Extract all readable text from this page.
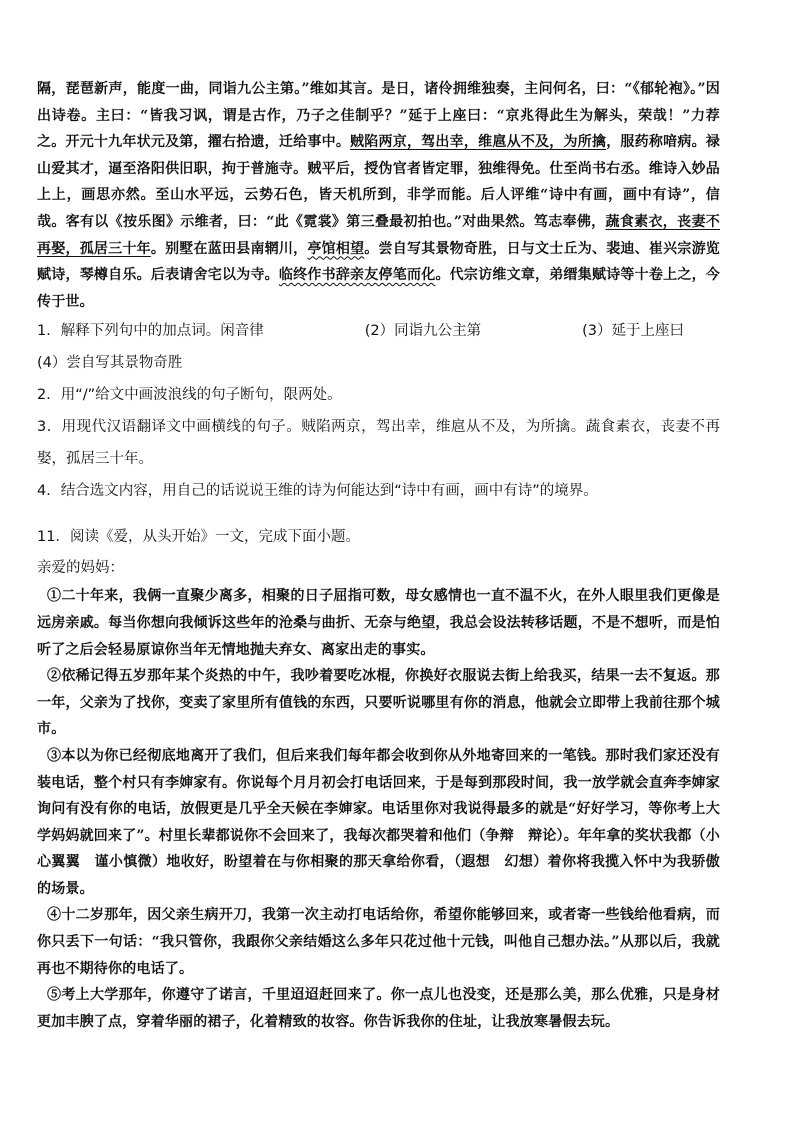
隔，琵琶新声，能度一曲，同诣九公主第。”维如其言。是日，诸伶拥维独奏，主问何名，曰：“《郁轮袍》。”因出诗卷。主曰：“皆我习讽，谓是古作，乃子之佳制乎？”延于上座曰：“京兆得此生为解头，荣哉！”力荐之。开元十九年状元及第，擢右拾遗，迁给事中。贼陷两京，驾出幸，维扈从不及，为所擒，服药称喑病。禄山爱其才，逼至洛阳供旧职，拘于普施寺。贼平后，授伪官者皆定罪，独维得免。仕至尚书右丞。维诗入妙品上上，画思亦然。至山水平远，云势石色，皆天机所到，非学而能。后人评维“诗中有画，画中有诗”，信哉。客有以《按乐图》示维者，曰：“此《霓裳》第三叠最初拍也。”对曲果然。笃志奉佛，蔬食素衣，丧妻不再娶，孤居三十年。别墅在蓝田县南辋川，亭馆相望。尝自写其景物奇胜，日与文士丘为、裴迪、崔兴宗游览赋诗，琴樽自乐。后表请舍宅以为寺。临终作书辞亲友停笔而化。代宗访维文章，弟缙集赋诗等十卷上之，今传于世。

1．解释下列句中的加点词。闲音律	(2）同诣九公主第	(3）延于上座曰 (4）尝自写其景物奇胜

2．用“/”给文中画波浪线的句子断句，限两处。

3．用现代汉语翻译文中画横线的句子。贼陷两京，驾出幸，维扈从不及，为所擒。蔬食素衣，丧妻不再娶，孤居三十年。

4．结合选文内容，用自己的话说说王维的诗为何能达到“诗中有画，画中有诗”的境界。

11．阅读《爱，从头开始》一文，完成下面小题。

亲爱的妈妈：

①二十年来，我俩一直聚少离多，相聚的日子屈指可数，母女感情也一直不温不火，在外人眼里我们更像是远房亲戚。每当你想向我倾诉这些年的沧桑与曲折、无奈与绝望，我总会设法转移话题，不是不想听，而是怕听了之后会轻易原谅你当年无情地抛夫弃女、离家出走的事实。

②依稀记得五岁那年某个炎热的中午，我吵着要吃冰棍，你换好衣服说去街上给我买，结果一去不复返。那一年，父亲为了找你，变卖了家里所有值钱的东西，只要听说哪里有你的消息，他就会立即带上我前往那个城市。

③本以为你已经彻底地离开了我们，但后来我们每年都会收到你从外地寄回来的一笔钱。那时我们家还没有装电话，整个村只有李婶家有。你说每个月月初会打电话回来，于是每到那段时间，我一放学就会直奔李婶家询问有没有你的电话，放假更是几乎全天候在李婶家。电话里你对我说得最多的就是“好好学习，等你考上大学妈妈就回来了”。村里长辈都说你不会回来了，我每次都哭着和他们（争辩　辩论）。年年拿的奖状我都（小心翼翼　谨小慎微）地收好，盼望着在与你相聚的那天拿给你看，（遐想　幻想）着你将我揽入怀中为我骄傲的场景。

④十二岁那年，因父亲生病开刀，我第一次主动打电话给你，希望你能够回来，或者寄一些钱给他看病，而你只丢下一句话：“我只管你，我跟你父亲结婚这么多年只花过他十元钱，叫他自己想办法。”从那以后，我就再也不期待你的电话了。

⑤考上大学那年，你遵守了诺言，千里迢迢赶回来了。你一点儿也没变，还是那么美，那么优雅，只是身材更加丰腴了点，穿着华丽的裙子，化着精致的妆容。你告诉我你的住址，让我放寒暑假去玩。
